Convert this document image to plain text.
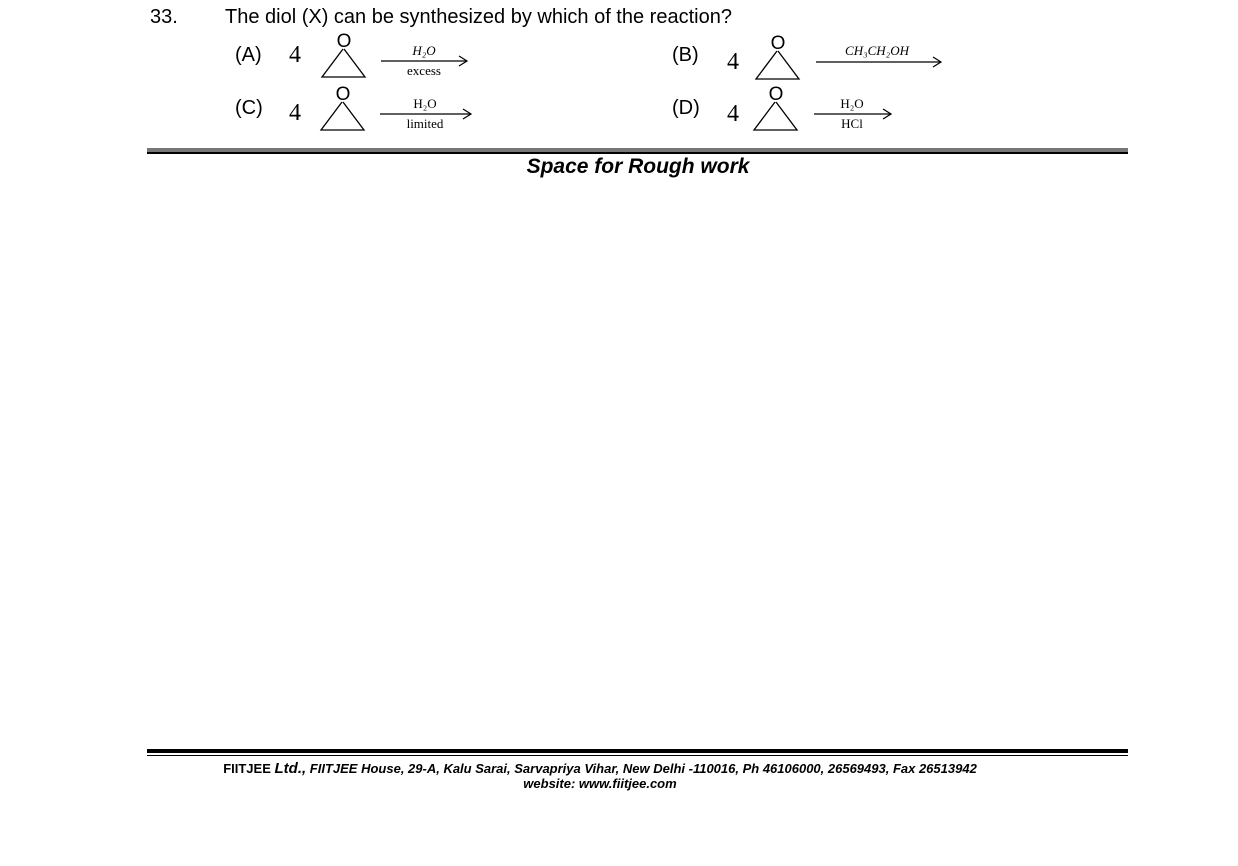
33. The diol (X) can be synthesized by which of the reaction?
(A) 4
O	H₂O
excess
(B) 4
O	CH₃CH₂OH
(C) 4
O	H₂O
limited
(D) 4
O	H₂O
HCl
Space for Rough work
FIITJEE Ltd., FIITJEE House, 29-A, Kalu Sarai, Sarvapriya Vihar, New Delhi -110016, Ph 46106000, 26569493, Fax 26513942
website: www.fiitjee.com
